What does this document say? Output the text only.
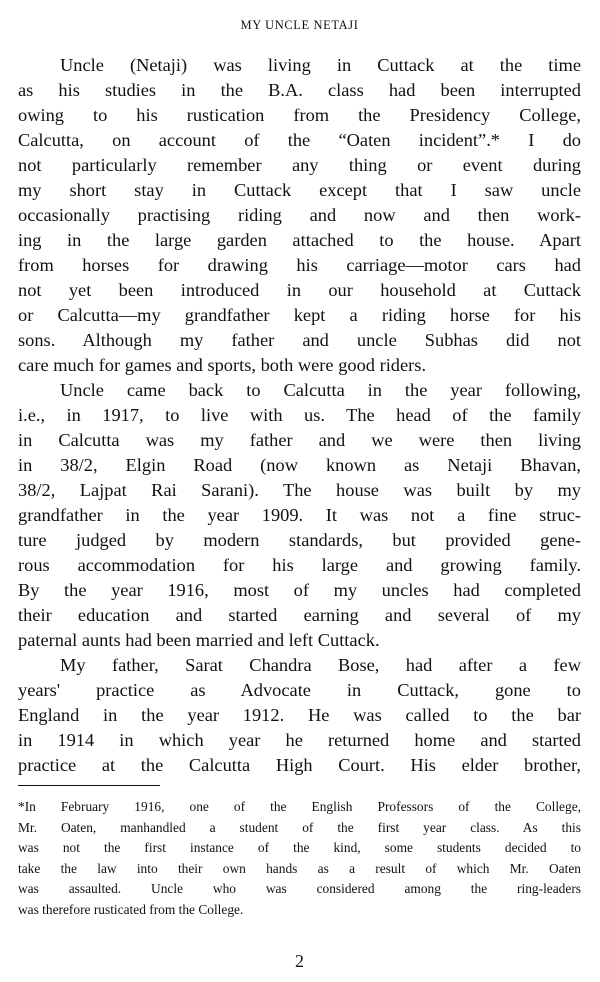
MY UNCLE NETAJI
Uncle (Netaji) was living in Cuttack at the time
as his studies in the B.A. class had been interrupted
owing to his rustication from the Presidency College,
Calcutta, on account of the “Oaten incident”.* I do
not particularly remember any thing or event during
my short stay in Cuttack except that I saw uncle
occasionally practising riding and now and then work-
ing in the large garden attached to the house. Apart
from horses for drawing his carriage—motor cars had
not yet been introduced in our household at Cuttack
or Calcutta—my grandfather kept a riding horse for his
sons. Although my father and uncle Subhas did not
care much for games and sports, both were good riders.
Uncle came back to Calcutta in the year following,
i.e., in 1917, to live with us. The head of the family
in Calcutta was my father and we were then living
in 38/2, Elgin Road (now known as Netaji Bhavan,
38/2, Lajpat Rai Sarani). The house was built by my
grandfather in the year 1909. It was not a fine struc-
ture judged by modern standards, but provided gene-
rous accommodation for his large and growing family.
By the year 1916, most of my uncles had completed
their education and started earning and several of my
paternal aunts had been married and left Cuttack.
My father, Sarat Chandra Bose, had after a few
years' practice as Advocate in Cuttack, gone to
England in the year 1912. He was called to the bar
in 1914 in which year he returned home and started
practice at the Calcutta High Court. His elder brother,
*In February 1916, one of the English Professors of the College,
Mr. Oaten, manhandled a student of the first year class. As this
was not the first instance of the kind, some students decided to
take the law into their own hands as a result of which Mr. Oaten
was assaulted. Uncle who was considered among the ring-leaders
was therefore rusticated from the College.
2
